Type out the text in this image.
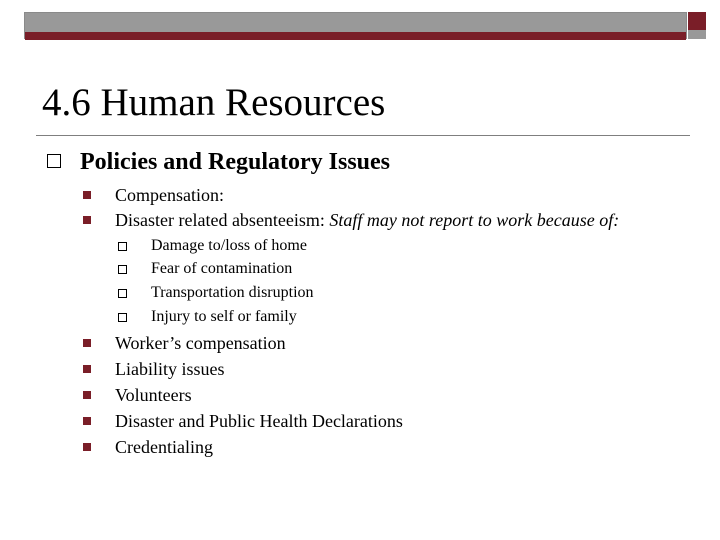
4.6 Human Resources
Policies and Regulatory Issues
Compensation:
Disaster related absenteeism: Staff may not report to work because of:
Damage to/loss of home
Fear of contamination
Transportation disruption
Injury to self or family
Worker’s compensation
Liability issues
Volunteers
Disaster and Public Health Declarations
Credentialing
